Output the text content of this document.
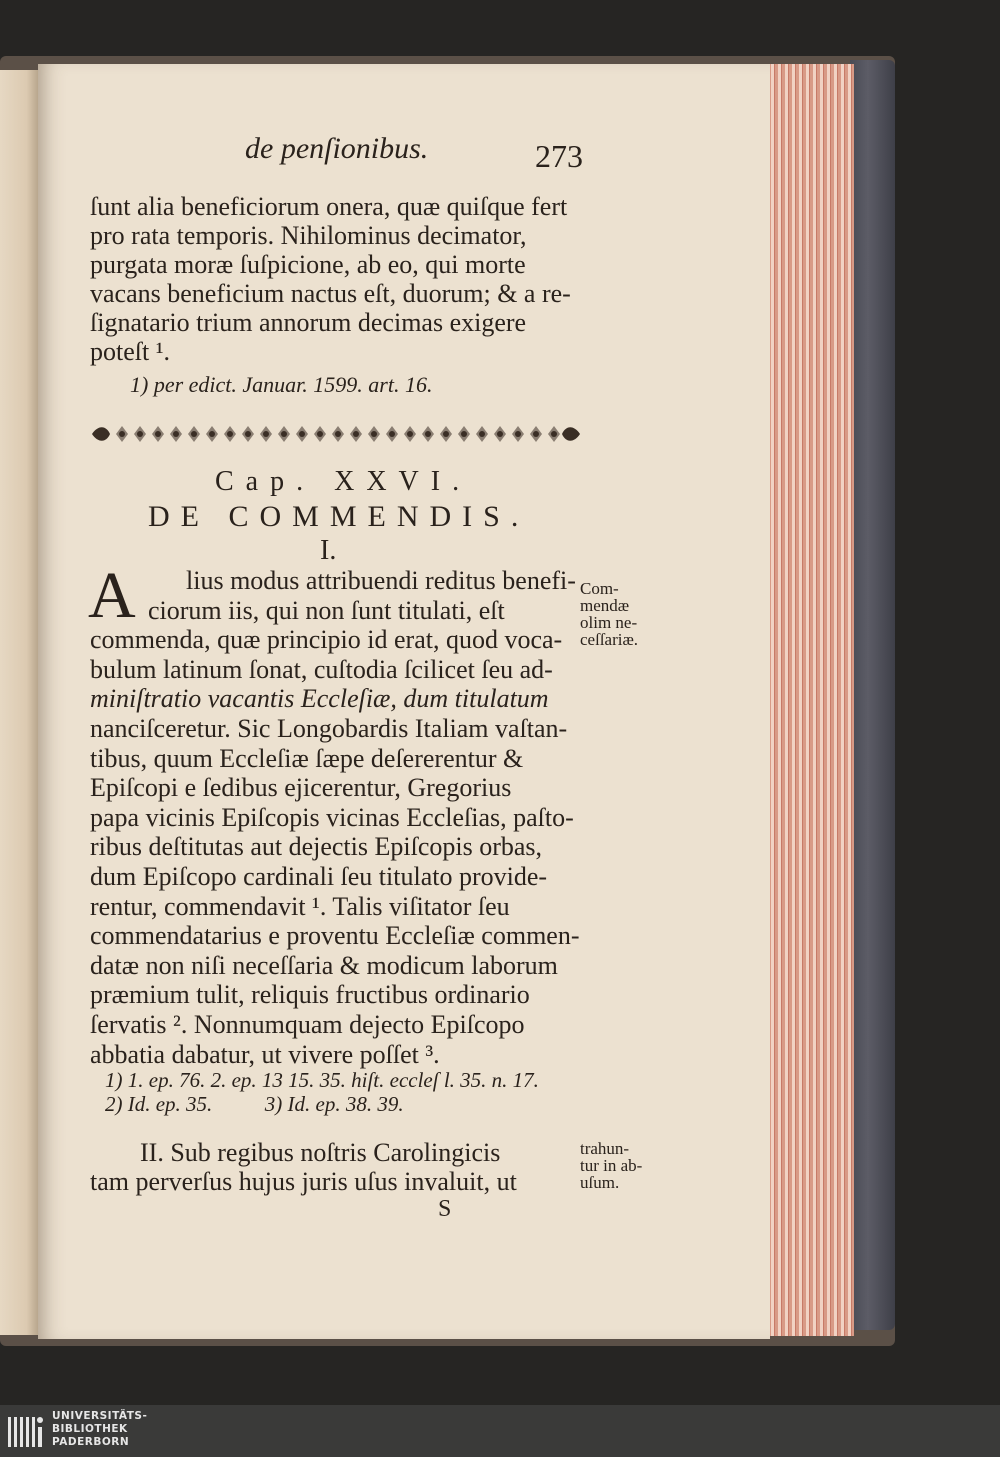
de penſionibus.	273
ſunt alia beneficiorum onera, quæ quiſque fert
pro rata temporis. Nihilominus decimator,
purgata moræ ſuſpicione, ab eo, qui morte
vacans beneficium nactus eſt, duorum; & a re-
ſignatario trium annorum decimas exigere
poteſt ¹.
1) per edict. Januar. 1599. art. 16.
Cap. XXVI.
DE COMMENDIS.
I.
A	lius modus attribuendi reditus benefi-
ciorum iis, qui non ſunt titulati, eſt
commenda, quæ principio id erat, quod voca-
bulum latinum ſonat, cuſtodia ſcilicet ſeu ad-
miniſtratio vacantis Eccleſiæ, dum titulatum
nanciſceretur. Sic Longobardis Italiam vaſtan-
tibus, quum Eccleſiæ ſæpe deſererentur &
Epiſcopi e ſedibus ejicerentur, Gregorius
papa vicinis Epiſcopis vicinas Eccleſias, paſto-
ribus deſtitutas aut dejectis Epiſcopis orbas,
dum Epiſcopo cardinali ſeu titulato provide-
rentur, commendavit ¹. Talis viſitator ſeu
commendatarius e proventu Eccleſiæ commen-
datæ non niſi neceſſaria & modicum laborum
præmium tulit, reliquis fructibus ordinario
ſervatis ². Nonnumquam dejecto Epiſcopo
abbatia dabatur, ut vivere poſſet ³.
Com-
mendæ
olim ne-
ceſſariæ.
1) 1. ep. 76. 2. ep. 13 15. 35. hiſt. eccleſ l. 35. n. 17.
2) Id. ep. 35.          3) Id. ep. 38. 39.
II. Sub regibus noſtris Carolingicis
tam perverſus hujus juris uſus invaluit, ut
trahun-
tur in ab-
uſum.
S
UNIVERSITÄTS-
BIBLIOTHEK
PADERBORN
